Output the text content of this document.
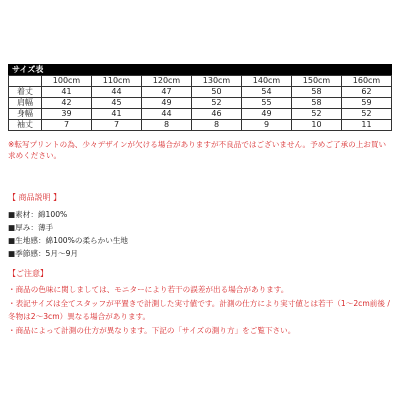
サイズ表
	100cm	110cm	120cm	130cm	140cm	150cm	160cm
着丈	41	44	47	50	54	58	62
肩幅	42	45	49	52	55	58	59
身幅	39	41	44	46	49	52	52
袖丈	7	7	8	8	9	10	11
※転写プリントの為、少々デザインが欠ける場合がありますが不良品ではございません。予めご了承の上お買い求めください。
【 商品説明 】
■素材：綿100%
■厚み：薄手
■生地感：綿100%の柔らかい生地
■季節感：5月～9月
【ご注意】

・商品の色味に関しましては、モニターにより若干の誤差が出る場合があります。

・表記サイズは全てスタッフが平置きで計測した実寸値です。計測の仕方により実寸値とは若干（1～2cm前後 / 冬物は2～3cm）異なる場合があります。

・商品によって計測の仕方が異なります。下記の「サイズの測り方」をご覧下さい。
